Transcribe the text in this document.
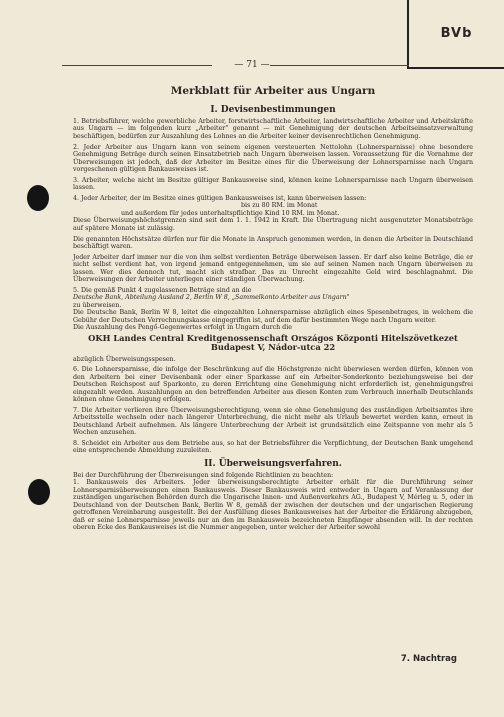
BVb
— 71 —
Merkblatt für Arbeiter aus Ungarn
I. Devisenbestimmungen

1. Betriebsführer, welche gewerbliche Arbeiter, forstwirtschaftliche Arbeiter, landwirtschaftliche Arbeiter und Arbeitskräfte aus Ungarn — im folgenden kurz „Arbeiter" genannt — mit Genehmigung der deutschen Arbeitseinsatzverwaltung beschäftigen, bedürfen zur Auszahlung des Lohnes an die Arbeiter keiner devisenrechtlichen Genehmigung.

2. Jeder Arbeiter aus Ungarn kann von seinem eigenen versteuerten Nettolohn (Lohnersparnisse) ohne besondere Genehmigung Beträge durch seinen Einsatzbetrieb nach Ungarn überweisen lassen. Voraussetzung für die Vornahme der Überweisungen ist jedoch, daß der Arbeiter im Besitze eines für die Überweisung der Lohnersparnisse nach Ungarn vorgeschenen gültigen Bankausweises ist.

3. Arbeiter, welche nicht im Besitze gültiger Bankausweise sind, können keine Lohnersparnisse nach Ungarn überweisen lassen.

4. Jeder Arbeiter, der im Besitze eines gültigen Bankausweises ist, kann überweisen lassen:

bis zu 80 RM. im Monat

und außerdem für jedes unterhaltspflichtige Kind 10 RM. im Monat.

Diese Überweisungshöchstgrenzen sind seit dem 1. 1. 1942 in Kraft. Die Übertragung nicht ausgenutzter Monatsbeträge auf spätere Monate ist zulässig.

Die genannten Höchstsätze dürfen nur für die Monate in Anspruch genommen werden, in denen die Arbeiter in Deutschland beschäftigt waren.

Jeder Arbeiter darf immer nur die von ihm selbst verdienten Beträge überweisen lassen. Er darf also keine Beträge, die er nicht selbst verdient hat, von irgend jemand entgegennehmen, um sie auf seinen Namen nach Ungarn überweisen zu lassen. Wer dies dennoch tut, macht sich strafbar. Das zu Unrecht eingezahlte Geld wird beschlagnahmt. Die Überweisungen der Arbeiter unterliegen einer ständigen Überwachung.

5. Die gemäß Punkt 4 zugelassenen Beträge sind an die

Deutsche Bank, Abteilung Ausland 2, Berlin W 8, „Sammelkonto Arbeiter aus Ungarn"

zu überweisen.

Die Deutsche Bank, Berlin W 8, leitet die eingezahlten Lohnersparnisse abzüglich eines Spesenbetrages, in welchem die Gebühr der Deutschen Verrechnungskasse eingegriffen ist, auf dem dafür bestimmten Wege nach Ungarn weiter.

Die Auszahlung des Pengő-Gegenwertes erfolgt in Ungarn durch die

OKH Landes Central Kreditgenossenschaft Országos Központi Hitelszövetkezet
Budapest V, Nádor-utca 22

abzüglich Überweisungsspesen.

6. Die Lohnersparnisse, die infolge der Beschränkung auf die Höchstgrenze nicht überwiesen werden dürfen, können von den Arbeitern bei einer Devisenbank oder einer Sparkasse auf ein Arbeiter-Sonderkonto beziehungsweise bei der Deutschen Reichspost auf Sparkonto, zu deren Errichtung eine Genehmigung nicht erforderlich ist, genehmigungsfrei eingezahlt werden. Auszahlungen an den betreffenden Arbeiter aus diesen Konten zum Verbrauch innerhalb Deutschlands können ohne Genehmigung erfolgen.

7. Die Arbeiter verlieren ihre Überweisungsberechtigung, wenn sie ohne Genehmigung des zuständigen Arbeitsamtes ihre Arbeitsstelle wechseln oder nach längerer Unterbrechung, die nicht mehr als Urlaub bewertet werden kann, erneut in Deutschland Arbeit aufnehmen. Als längere Unterbrechung der Arbeit ist grundsätzlich eine Zeitspanne von mehr als 5 Wochen anzusehen.

8. Scheidet ein Arbeiter aus dem Betriebe aus, so hat der Betriebsführer die Verpflichtung, der Deutschen Bank umgehend eine entsprechende Abmeldung zuzuleiten.

II. Überweisungsverfahren.

Bei der Durchführung der Überweisungen sind folgende Richtlinien zu beachten:

1. Bankausweis des Arbeiters. Jeder überweisungsberechtigte Arbeiter erhält für die Durchführung seiner Lohnersparnisüberweisungen einen Bankausweis. Dieser Bankausweis wird entweder in Ungarn auf Veranlassung der zuständigen ungarischen Behörden durch die Ungarische Innen- und Außenverkehrs AG., Budapest V, Mérleg u. 5, oder in Deutschland von der Deutschen Bank, Berlin W 8, gemäß der zwischen der deutschen und der ungarischen Regierung getroffenen Vereinbarung ausgestellt. Bei der Ausfüllung dieses Bankausweises hat der Arbeiter die Erklärung abzugeben, daß er seine Lohnersparnisse jeweils nur an den im Bankausweis bezeichneten Empfänger absenden will. In der rechten oberen Ecke des Bankausweises ist die Nummer angegeben, unter welcher der Arbeiter sowohl

7. Nachtrag
